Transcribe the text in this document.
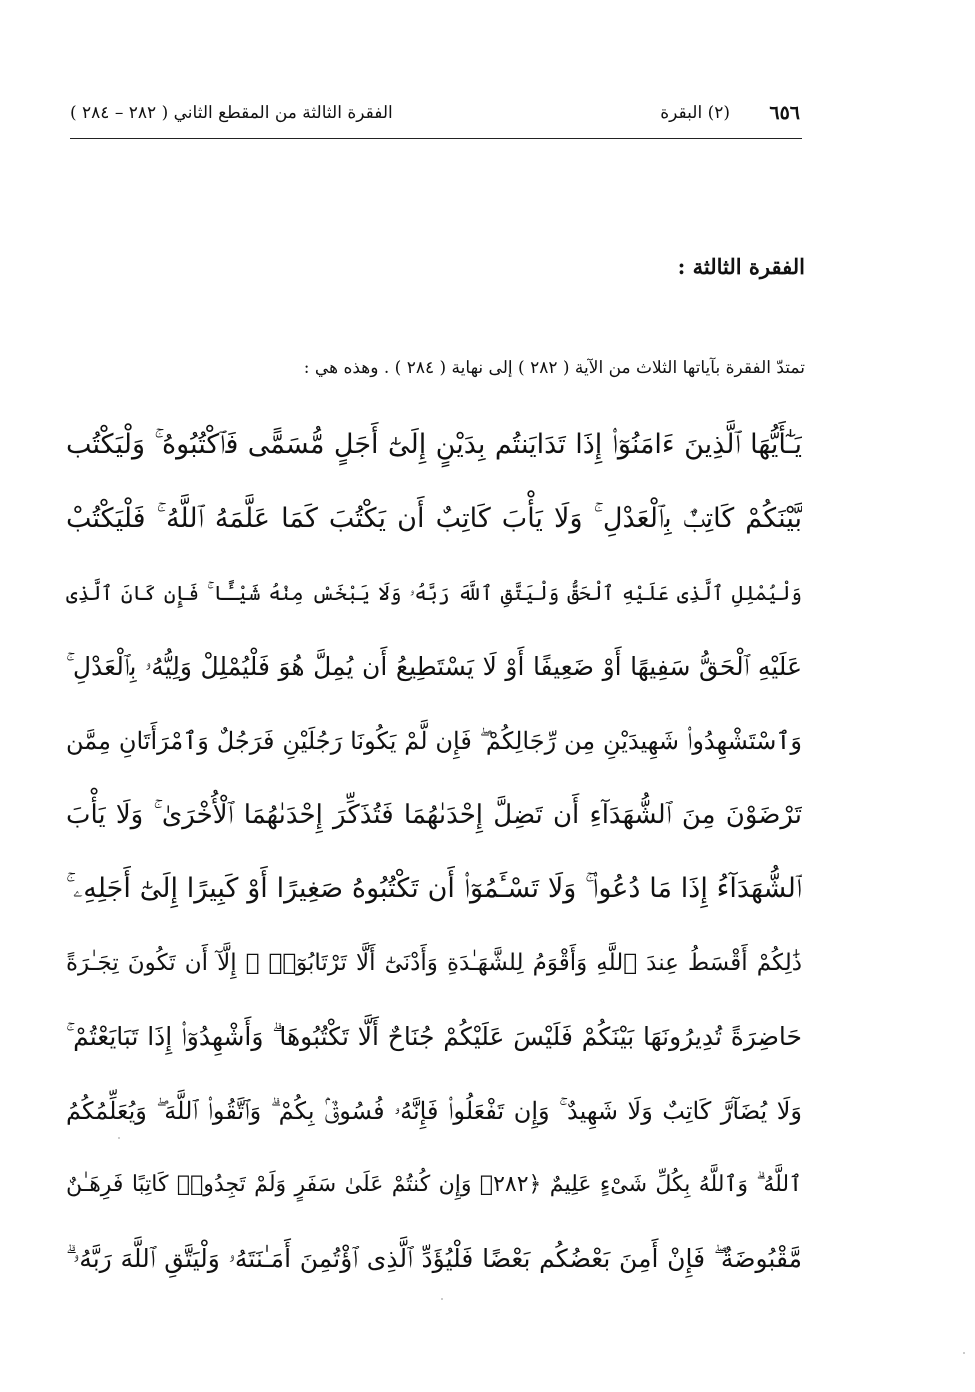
٦٥٦
(٢) البقرة
الفقرة الثالثة من المقطع الثاني ( ٢٨٢ – ٢٨٤ )
الفقرة الثالثة :
تمتدّ الفقرة بآياتها الثلاث من الآية ( ٢٨٢ ) إلى نهاية ( ٢٨٤ ) . وهذه هي :
يَـٰٓأَيُّهَا ٱلَّذِينَ ءَامَنُوٓا۟ إِذَا تَدَايَنتُم بِدَيْنٍ إِلَىٰٓ أَجَلٍ مُّسَمًّى فَٱكْتُبُوهُ ۚ وَلْيَكْتُب
بَّيْنَكُمْ كَاتِبٌۢ بِٱلْعَدْلِ ۚ وَلَا يَأْبَ كَاتِبٌ أَن يَكْتُبَ كَمَا عَلَّمَهُ ٱللَّهُ ۚ فَلْيَكْتُبْ
وَلْيُمْلِلِ ٱلَّذِى عَلَيْهِ ٱلْحَقُّ وَلْيَتَّقِ ٱللَّهَ رَبَّهُۥ وَلَا يَبْخَسْ مِنْهُ شَيْـًٔا ۚ فَإِن كَانَ ٱلَّذِى
عَلَيْهِ ٱلْحَقُّ سَفِيهًا أَوْ ضَعِيفًا أَوْ لَا يَسْتَطِيعُ أَن يُمِلَّ هُوَ فَلْيُمْلِلْ وَلِيُّهُۥ بِٱلْعَدْلِ ۚ
وَٱسْتَشْهِدُوا۟ شَهِيدَيْنِ مِن رِّجَالِكُمْ ۖ فَإِن لَّمْ يَكُونَا رَجُلَيْنِ فَرَجُلٌ وَٱمْرَأَتَانِ مِمَّن
تَرْضَوْنَ مِنَ ٱلشُّهَدَآءِ أَن تَضِلَّ إِحْدَىٰهُمَا فَتُذَكِّرَ إِحْدَىٰهُمَا ٱلْأُخْرَىٰ ۚ وَلَا يَأْبَ
ٱلشُّهَدَآءُ إِذَا مَا دُعُوا۟ ۚ وَلَا تَسْـَٔمُوٓا۟ أَن تَكْتُبُوهُ صَغِيرًا أَوْ كَبِيرًا إِلَىٰٓ أَجَلِهِۦ ۚ
ذَٰلِكُمْ أَقْسَطُ عِندَ ٱللَّهِ وَأَقْوَمُ لِلشَّهَـٰدَةِ وَأَدْنَىٰٓ أَلَّا تَرْتَابُوٓا۟ ۖ إِلَّآ أَن تَكُونَ تِجَـٰرَةً
حَاضِرَةً تُدِيرُونَهَا بَيْنَكُمْ فَلَيْسَ عَلَيْكُمْ جُنَاحٌ أَلَّا تَكْتُبُوهَا ۗ وَأَشْهِدُوٓا۟ إِذَا تَبَايَعْتُمْ ۚ
وَلَا يُضَآرَّ كَاتِبٌ وَلَا شَهِيدٌ ۚ وَإِن تَفْعَلُوا۟ فَإِنَّهُۥ فُسُوقٌۢ بِكُمْ ۗ وَٱتَّقُوا۟ ٱللَّهَ ۖ وَيُعَلِّمُكُمُ
ٱللَّهُ ۗ وَٱللَّهُ بِكُلِّ شَىْءٍ عَلِيمٌ ﴿٢٨٢﴾ وَإِن كُنتُمْ عَلَىٰ سَفَرٍ وَلَمْ تَجِدُوا۟ كَاتِبًا فَرِهَـٰنٌ
مَّقْبُوضَةٌ ۖ فَإِنْ أَمِنَ بَعْضُكُم بَعْضًا فَلْيُؤَدِّ ٱلَّذِى ٱؤْتُمِنَ أَمَـٰنَتَهُۥ وَلْيَتَّقِ ٱللَّهَ رَبَّهُۥ ۗ
